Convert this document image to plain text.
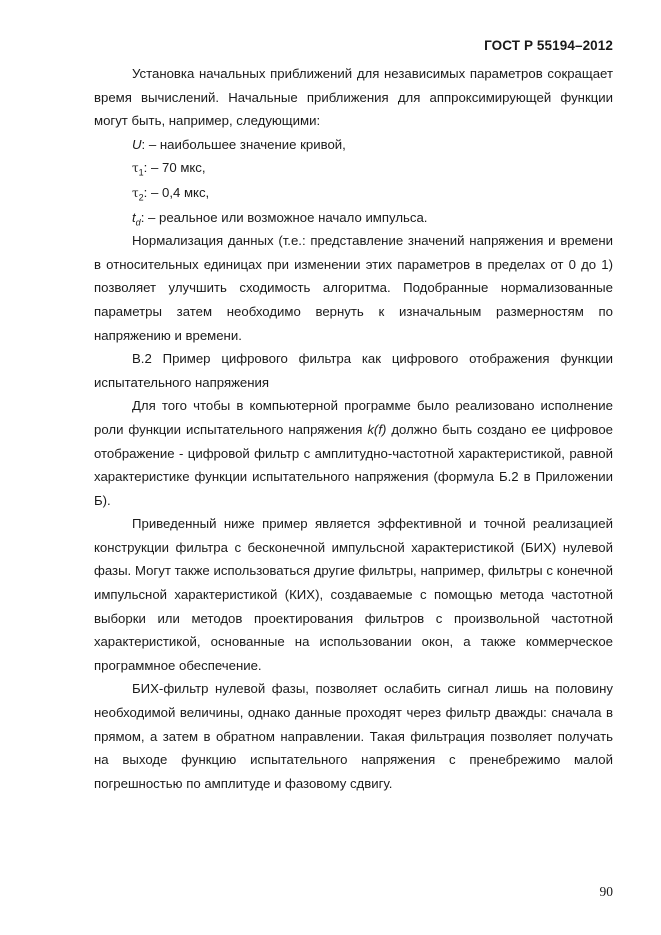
ГОСТ Р 55194–2012

Установка начальных приближений для независимых параметров сокращает время вычислений. Начальные приближения для аппроксимирующей функции могут быть, например, следующими:

U: – наибольшее значение кривой,

$\tau_1$: – 70 мкс,

$\tau_2$: – 0,4 мкс,

$t_d$: – реальное или возможное начало импульса.

Нормализация данных (т.е.: представление значений напряжения и времени в относительных единицах при изменении этих параметров в пределах от 0 до 1) позволяет улучшить сходимость алгоритма. Подобранные нормализованные параметры затем необходимо вернуть к изначальным размерностям по напряжению и времени.

В.2 Пример цифрового фильтра как цифрового отображения функции испытательного напряжения

Для того чтобы в компьютерной программе было реализовано исполнение роли функции испытательного напряжения k(f) должно быть создано ее цифровое отображение - цифровой фильтр с амплитудно-частотной характеристикой, равной характеристике функции испытательного напряжения (формула Б.2 в Приложении Б).

Приведенный ниже пример является эффективной и точной реализацией конструкции фильтра с бесконечной импульсной характеристикой (БИХ) нулевой фазы. Могут также использоваться другие фильтры, например, фильтры с конечной импульсной характеристикой (КИХ), создаваемые с помощью метода частотной выборки или методов проектирования фильтров с произвольной частотной характеристикой, основанные на использовании окон, а также коммерческое программное обеспечение.

БИХ-фильтр нулевой фазы, позволяет ослабить сигнал лишь на половину необходимой величины, однако данные проходят через фильтр дважды: сначала в прямом, а затем в обратном направлении. Такая фильтрация позволяет получать на выходе функцию испытательного напряжения с пренебрежимо малой погрешностью по амплитуде и фазовому сдвигу.

90
